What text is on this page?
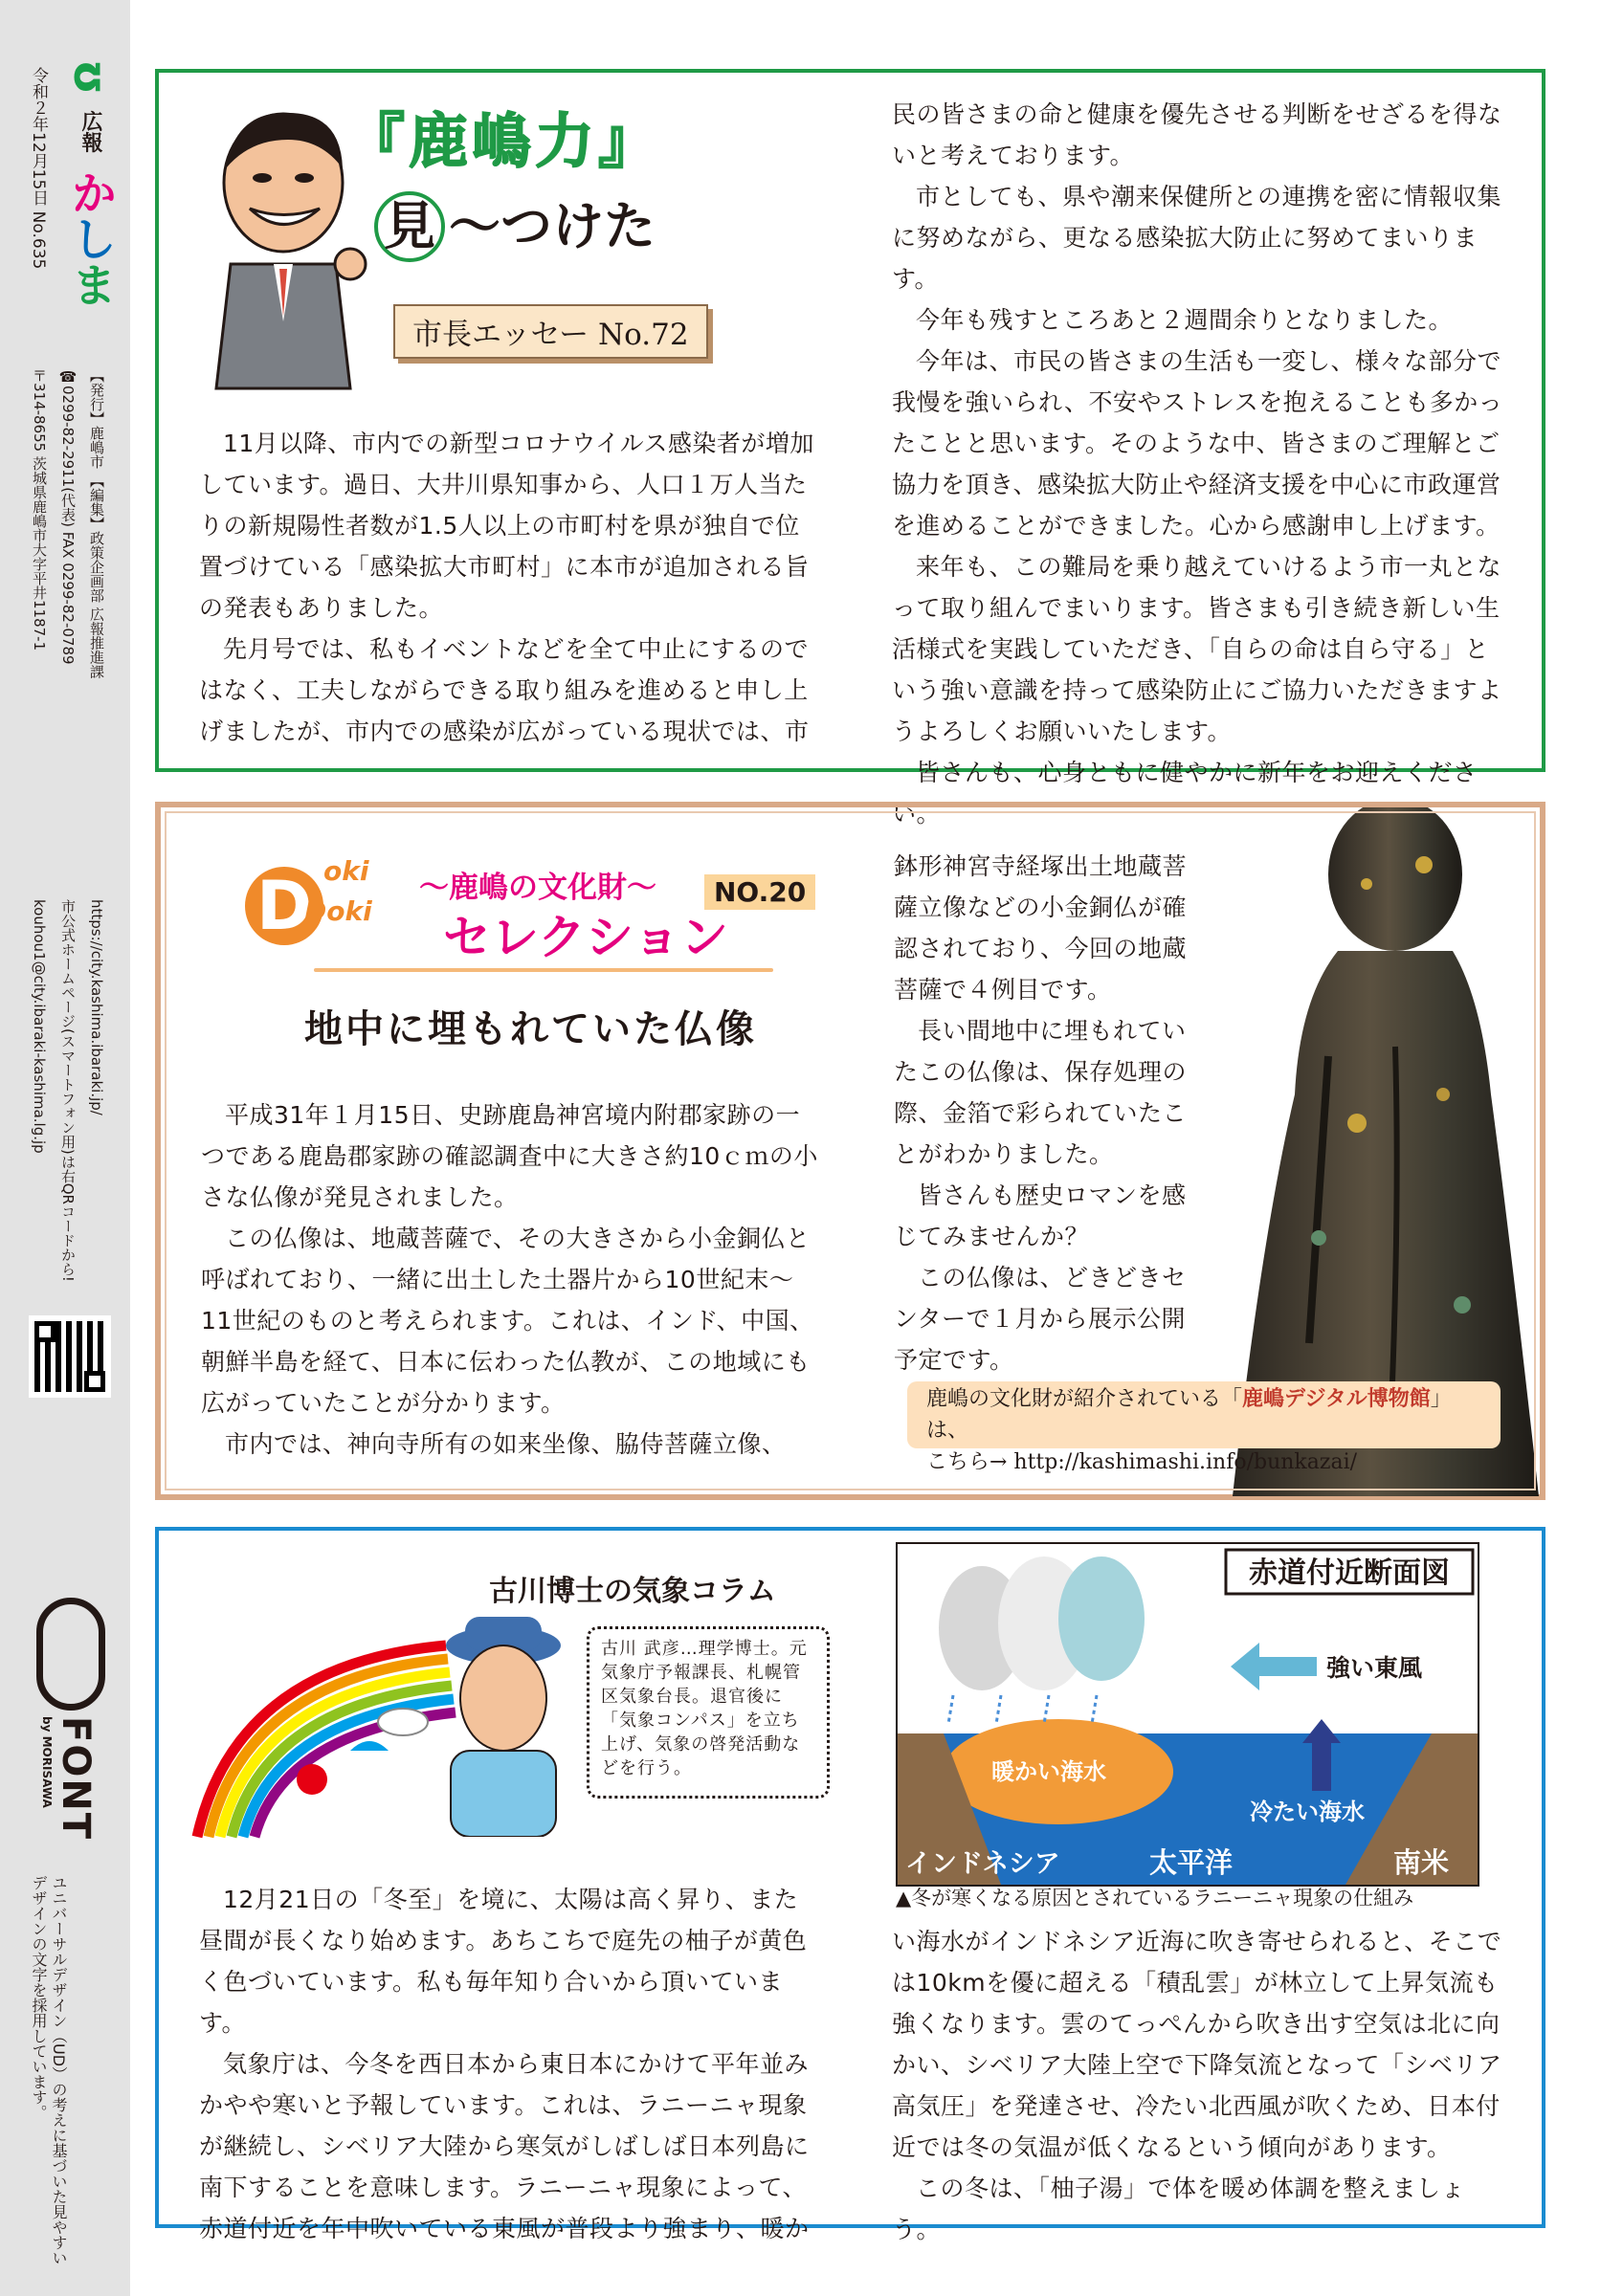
ʊ 広報 かしま
令和２年12月15日 No.635
【発行】鹿嶋市 【編集】政策企画部 広報推進課
☎0299-82-2911(代表) FAX 0299-82-0789
〒314-8655 茨城県鹿嶋市大字平井1187-1
https://city.kashima.ibaraki.jp/
市公式ホームページ(スマートフォン用)は右QRコードから!
kouhou1@city.ibaraki-kashima.lg.jp
FONT
by MORISAWA
ユニバーサルデザイン（UD）の考えに基づいた見やすいデザインの文字を採用しています。
『鹿嶋力』
見 〜つけた
市長エッセー No.72

11月以降、市内での新型コロナウイルス感染者が増加しています。過日、大井川県知事から、人口１万人当たりの新規陽性者数が1.5人以上の市町村を県が独自で位置づけている「感染拡大市町村」に本市が追加される旨の発表もありました。

先月号では、私もイベントなどを全て中止にするのではなく、工夫しながらできる取り組みを進めると申し上げましたが、市内での感染が広がっている現状では、市

民の皆さまの命と健康を優先させる判断をせざるを得ないと考えております。

市としても、県や潮来保健所との連携を密に情報収集に努めながら、更なる感染拡大防止に努めてまいります。

今年も残すところあと２週間余りとなりました。

今年は、市民の皆さまの生活も一変し、様々な部分で我慢を強いられ、不安やストレスを抱えることも多かったことと思います。そのような中、皆さまのご理解とご協力を頂き、感染拡大防止や経済支援を中心に市政運営を進めることができました。心から感謝申し上げます。

来年も、この難局を乗り越えていけるよう市一丸となって取り組んでまいります。皆さまも引き続き新しい生活様式を実践していただき、「自らの命は自ら守る」という強い意識を持って感染防止にご協力いただきますようよろしくお願いいたします。

皆さんも、心身ともに健やかに新年をお迎えください。

D oki
Doki
〜鹿嶋の文化財〜
セレクション
NO.20
地中に埋もれていた仏像

平成31年１月15日、史跡鹿島神宮境内附郡家跡の一つである鹿島郡家跡の確認調査中に大きさ約10ｃｍの小さな仏像が発見されました。

この仏像は、地蔵菩薩で、その大きさから小金銅仏と呼ばれており、一緒に出土した土器片から10世紀末〜11世紀のものと考えられます。これは、インド、中国、朝鮮半島を経て、日本に伝わった仏教が、この地域にも広がっていたことが分かります。

市内では、神向寺所有の如来坐像、脇侍菩薩立像、

鉢形神宮寺経塚出土地蔵菩薩立像などの小金銅仏が確認されており、今回の地蔵菩薩で４例目です。

長い間地中に埋もれていたこの仏像は、保存処理の際、金箔で彩られていたことがわかりました。

皆さんも歴史ロマンを感じてみませんか？

この仏像は、どきどきセンターで１月から展示公開予定です。

鹿嶋の文化財が紹介されている「鹿嶋デジタル博物館」は、
こちら→ http://kashimashi.info/bunkazai/
古川博士の気象コラム
古川 武彦…理学博士。元気象庁予報課長、札幌管区気象台長。退官後に「気象コンパス」を立ち上げ、気象の啓発活動などを行う。
赤道付近断面図
強い東風
暖かい海水
冷たい海水
インドネシア	太平洋	南米
▲冬が寒くなる原因とされているラニーニャ現象の仕組み

12月21日の「冬至」を境に、太陽は高く昇り、また昼間が長くなり始めます。あちこちで庭先の柚子が黄色く色づいています。私も毎年知り合いから頂いています。

気象庁は、今冬を西日本から東日本にかけて平年並みかやや寒いと予報しています。これは、ラニーニャ現象が継続し、シベリア大陸から寒気がしばしば日本列島に南下することを意味します。ラニーニャ現象によって、赤道付近を年中吹いている東風が普段より強まり、暖か

い海水がインドネシア近海に吹き寄せられると、そこでは10kmを優に超える「積乱雲」が林立して上昇気流も強くなります。雲のてっぺんから吹き出す空気は北に向かい、シベリア大陸上空で下降気流となって「シベリア高気圧」を発達させ、冷たい北西風が吹くため、日本付近では冬の気温が低くなるという傾向があります。

この冬は、「柚子湯」で体を暖め体調を整えましょう。
